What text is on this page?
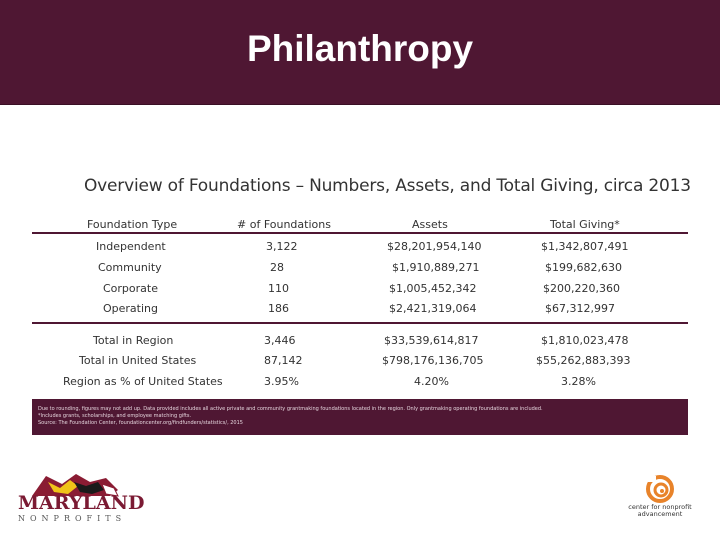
Philanthropy
Overview of Foundations – Numbers, Assets, and Total Giving, circa 2013
Foundation Type	# of Foundations	Assets	Total Giving*
Independent	3,122	$28,201,954,140	$1,342,807,491
Community	28	$1,910,889,271	$199,682,630
Corporate	110	$1,005,452,342	$200,220,360
Operating	186	$2,421,319,064	$67,312,997
Total in Region	3,446	$33,539,614,817	$1,810,023,478
Total in United States	87,142	$798,176,136,705	$55,262,883,393
Region as % of United States	3.95%	4.20%	3.28%
Due to rounding, figures may not add up. Data provided includes all active private and community grantmaking foundations located in the region. Only grantmaking operating foundations are included.
*Includes grants, scholarships, and employee matching gifts.
Source: The Foundation Center, foundationcenter.org/findfunders/statistics/, 2015
MARYLAND
NONPROFITS
center for nonprofit
advancement
